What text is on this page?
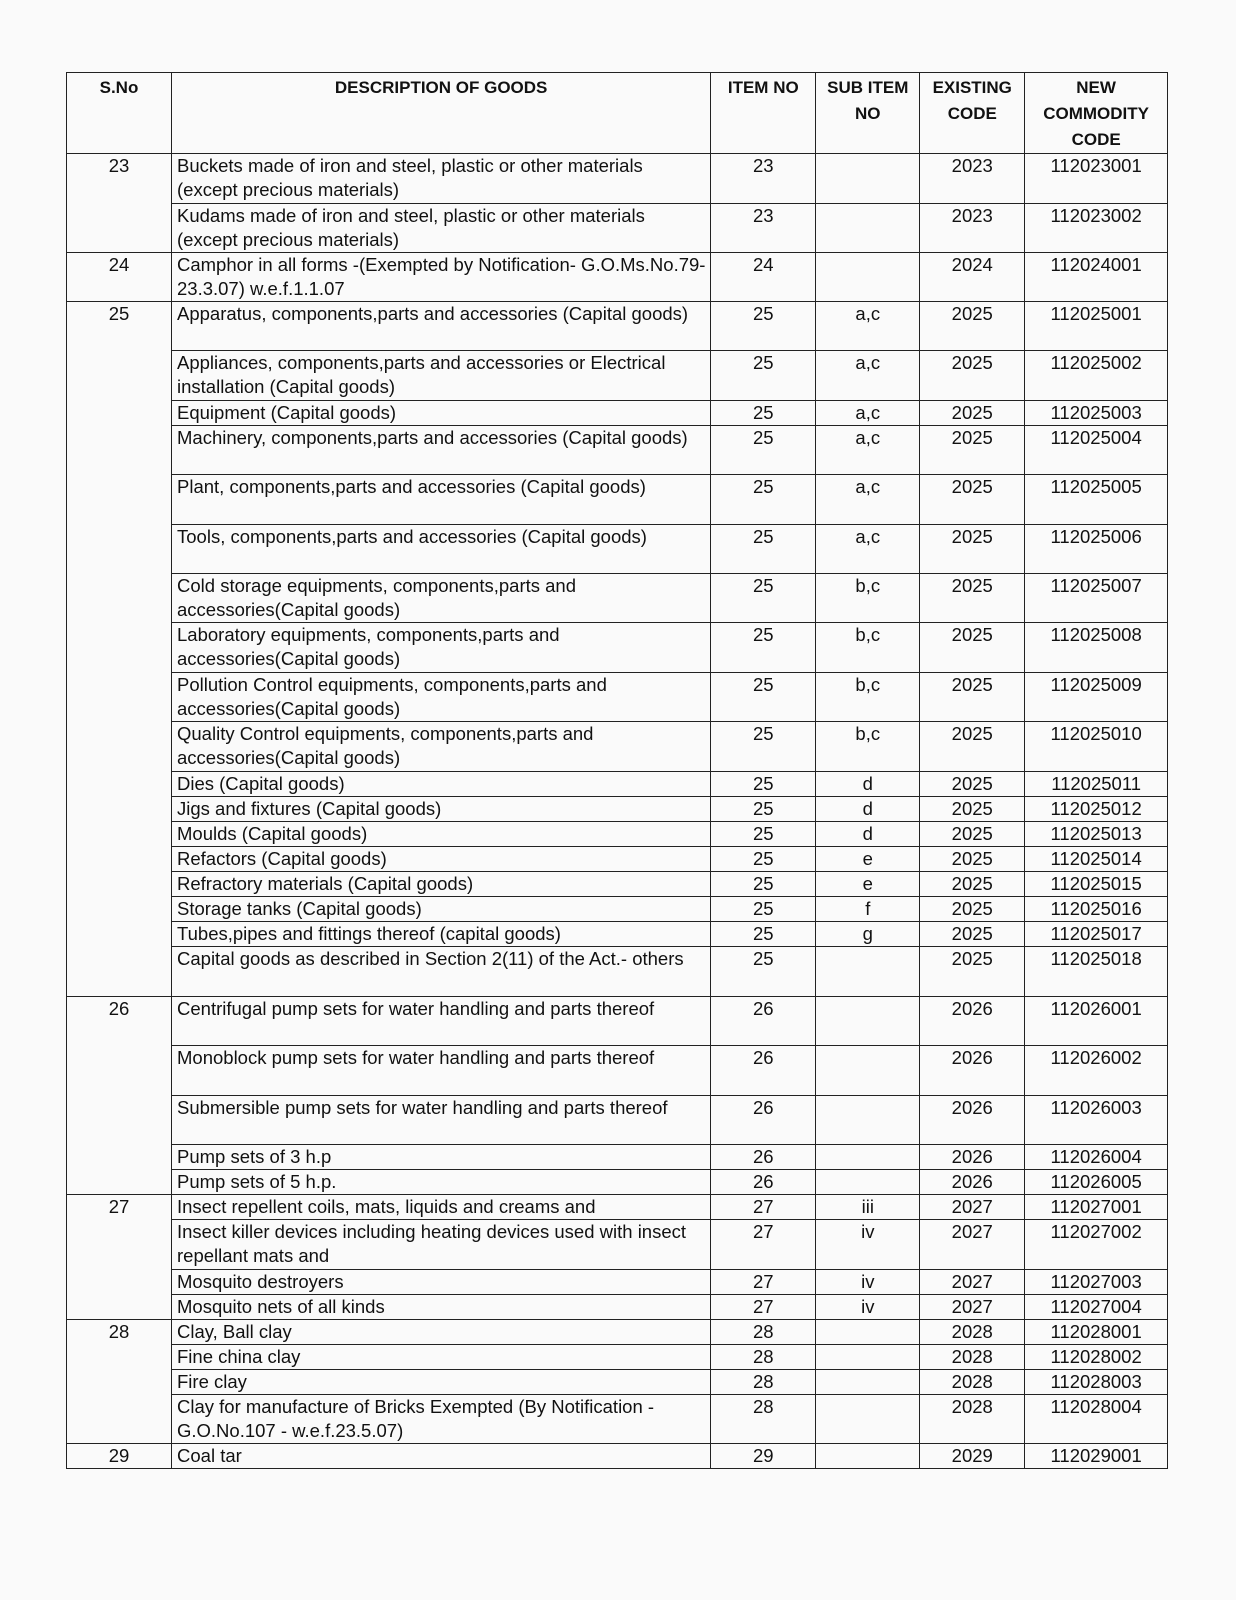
S.No	DESCRIPTION OF GOODS	ITEM NO	SUB ITEM NO	EXISTING CODE	NEW COMMODITY CODE
23	Buckets made of iron and steel, plastic or other materials (except precious materials)	23		2023	112023001
	Kudams made of iron and steel, plastic or other materials (except precious materials)	23		2023	112023002
24	Camphor in all forms -(Exempted by Notification- G.O.Ms.No.79-23.3.07) w.e.f.1.1.07	24		2024	112024001
25	Apparatus, components,parts and accessories (Capital goods)	25	a,c	2025	112025001
	Appliances, components,parts and accessories or Electrical installation (Capital goods)	25	a,c	2025	112025002
	Equipment (Capital goods)	25	a,c	2025	112025003
	Machinery, components,parts and accessories (Capital goods)	25	a,c	2025	112025004
	Plant, components,parts and accessories (Capital goods)	25	a,c	2025	112025005
	Tools, components,parts and accessories (Capital goods)	25	a,c	2025	112025006
	Cold storage equipments, components,parts and accessories(Capital goods)	25	b,c	2025	112025007
	Laboratory equipments, components,parts and accessories(Capital goods)	25	b,c	2025	112025008
	Pollution Control equipments, components,parts and accessories(Capital goods)	25	b,c	2025	112025009
	Quality Control equipments, components,parts and accessories(Capital goods)	25	b,c	2025	112025010
	Dies (Capital goods)	25	d	2025	112025011
	Jigs and fixtures (Capital goods)	25	d	2025	112025012
	Moulds (Capital goods)	25	d	2025	112025013
	Refactors (Capital goods)	25	e	2025	112025014
	Refractory materials (Capital goods)	25	e	2025	112025015
	Storage tanks (Capital goods)	25	f	2025	112025016
	Tubes,pipes and fittings thereof (capital goods)	25	g	2025	112025017
	Capital goods as described in Section 2(11) of the Act.- others	25		2025	112025018
26	Centrifugal pump sets for water handling and parts thereof	26		2026	112026001
	Monoblock pump sets for water handling and parts thereof	26		2026	112026002
	Submersible pump sets for water handling and parts thereof	26		2026	112026003
	Pump sets of 3 h.p	26		2026	112026004
	Pump sets of 5 h.p.	26		2026	112026005
27	Insect repellent coils, mats, liquids and creams and	27	iii	2027	112027001
	Insect killer devices including heating devices used with insect repellant mats and	27	iv	2027	112027002
	Mosquito destroyers	27	iv	2027	112027003
	Mosquito nets of all kinds	27	iv	2027	112027004
28	Clay, Ball clay	28		2028	112028001
	Fine china clay	28		2028	112028002
	Fire clay	28		2028	112028003
	Clay for manufacture of Bricks Exempted (By Notification - G.O.No.107 - w.e.f.23.5.07)	28		2028	112028004
29	Coal tar	29		2029	112029001
